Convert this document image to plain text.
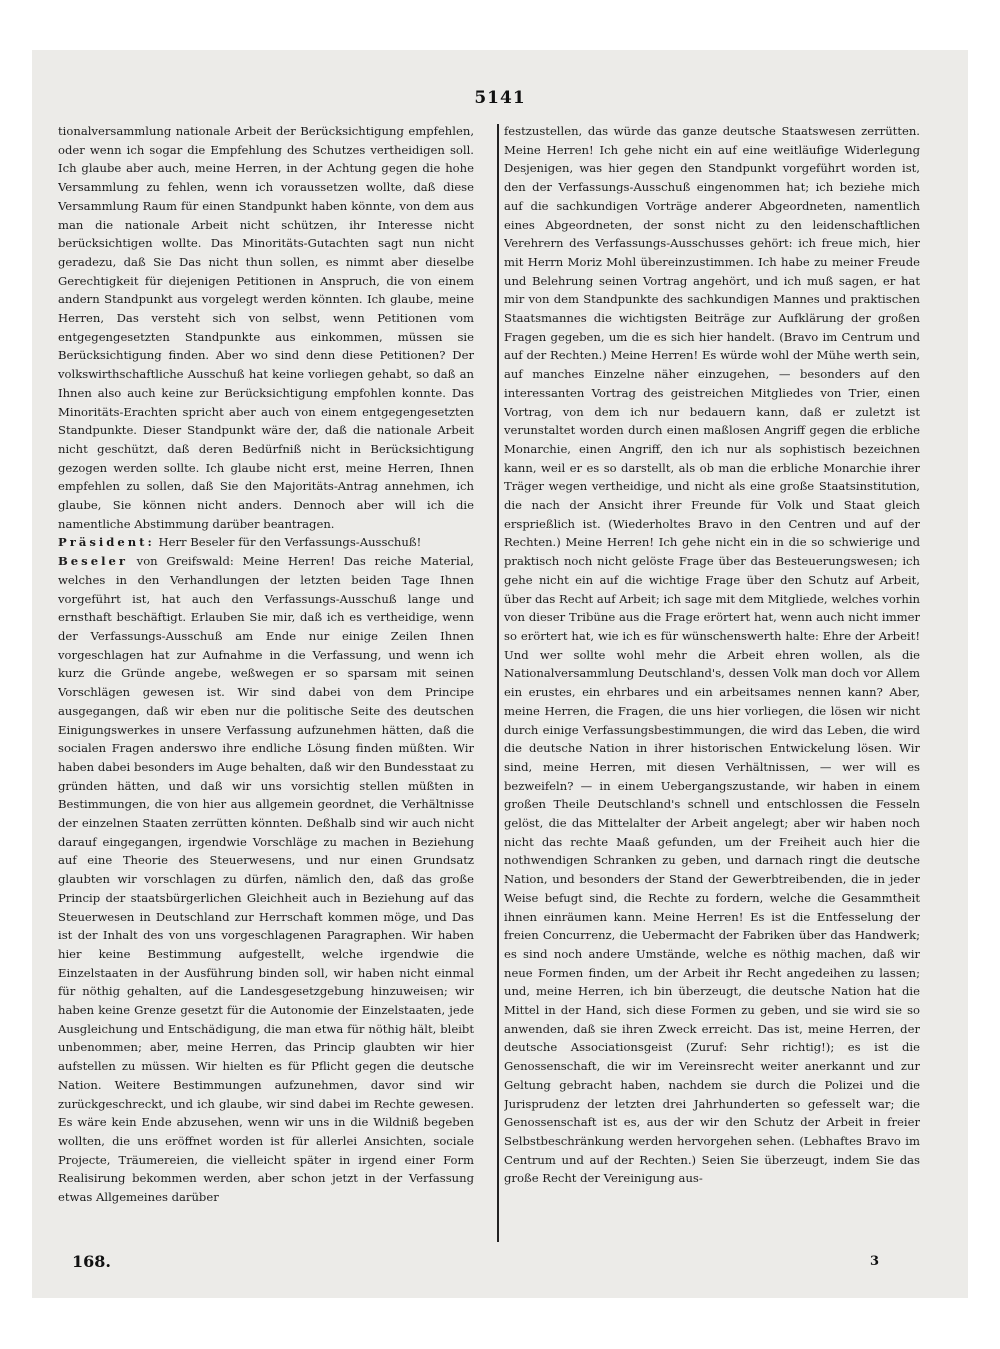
5141

tionalversammlung nationale Arbeit der Berücksichtigung empfehlen, oder wenn ich sogar die Empfehlung des Schutzes vertheidigen soll. Ich glaube aber auch, meine Herren, in der Achtung gegen die hohe Versammlung zu fehlen, wenn ich voraussetzen wollte, daß diese Versammlung Raum für einen Standpunkt haben könnte, von dem aus man die nationale Arbeit nicht schützen, ihr Interesse nicht berücksichtigen wollte. Das Minoritäts-Gutachten sagt nun nicht geradezu, daß Sie Das nicht thun sollen, es nimmt aber dieselbe Gerechtigkeit für diejenigen Petitionen in Anspruch, die von einem andern Standpunkt aus vorgelegt werden könnten. Ich glaube, meine Herren, Das versteht sich von selbst, wenn Petitionen vom entgegengesetzten Standpunkte aus einkommen, müssen sie Berücksichtigung finden. Aber wo sind denn diese Petitionen? Der volkswirthschaftliche Ausschuß hat keine vorliegen gehabt, so daß an Ihnen also auch keine zur Berücksichtigung empfohlen konnte. Das Minoritäts-Erachten spricht aber auch von einem entgegengesetzten Standpunkte. Dieser Standpunkt wäre der, daß die nationale Arbeit nicht geschützt, daß deren Bedürfniß nicht in Berücksichtigung gezogen werden sollte. Ich glaube nicht erst, meine Herren, Ihnen empfehlen zu sollen, daß Sie den Majoritäts-Antrag annehmen, ich glaube, Sie können nicht anders. Dennoch aber will ich die namentliche Abstimmung darüber beantragen.

Präsident: Herr Beseler für den Verfassungs-Ausschuß!

Beseler von Greifswald: Meine Herren! Das reiche Material, welches in den Verhandlungen der letzten beiden Tage Ihnen vorgeführt ist, hat auch den Verfassungs-Ausschuß lange und ernsthaft beschäftigt. Erlauben Sie mir, daß ich es vertheidige, wenn der Verfassungs-Ausschuß am Ende nur einige Zeilen Ihnen vorgeschlagen hat zur Aufnahme in die Verfassung, und wenn ich kurz die Gründe angebe, weßwegen er so sparsam mit seinen Vorschlägen gewesen ist. Wir sind dabei von dem Principe ausgegangen, daß wir eben nur die politische Seite des deutschen Einigungswerkes in unsere Verfassung aufzunehmen hätten, daß die socialen Fragen anderswo ihre endliche Lösung finden müßten. Wir haben dabei besonders im Auge behalten, daß wir den Bundesstaat zu gründen hätten, und daß wir uns vorsichtig stellen müßten in Bestimmungen, die von hier aus allgemein geordnet, die Verhältnisse der einzelnen Staaten zerrütten könnten. Deßhalb sind wir auch nicht darauf eingegangen, irgendwie Vorschläge zu machen in Beziehung auf eine Theorie des Steuerwesens, und nur einen Grundsatz glaubten wir vorschlagen zu dürfen, nämlich den, daß das große Princip der staatsbürgerlichen Gleichheit auch in Beziehung auf das Steuerwesen in Deutschland zur Herrschaft kommen möge, und Das ist der Inhalt des von uns vorgeschlagenen Paragraphen. Wir haben hier keine Bestimmung aufgestellt, welche irgendwie die Einzelstaaten in der Ausführung binden soll, wir haben nicht einmal für nöthig gehalten, auf die Landesgesetzgebung hinzuweisen; wir haben keine Grenze gesetzt für die Autonomie der Einzelstaaten, jede Ausgleichung und Entschädigung, die man etwa für nöthig hält, bleibt unbenommen; aber, meine Herren, das Princip glaubten wir hier aufstellen zu müssen. Wir hielten es für Pflicht gegen die deutsche Nation. Weitere Bestimmungen aufzunehmen, davor sind wir zurückgeschreckt, und ich glaube, wir sind dabei im Rechte gewesen. Es wäre kein Ende abzusehen, wenn wir uns in die Wildniß begeben wollten, die uns eröffnet worden ist für allerlei Ansichten, sociale Projecte, Träumereien, die vielleicht später in irgend einer Form Realisirung bekommen werden, aber schon jetzt in der Verfassung etwas Allgemeines darüber

festzustellen, das würde das ganze deutsche Staatswesen zerrütten. Meine Herren! Ich gehe nicht ein auf eine weitläufige Widerlegung Desjenigen, was hier gegen den Standpunkt vorgeführt worden ist, den der Verfassungs-Ausschuß eingenommen hat; ich beziehe mich auf die sachkundigen Vorträge anderer Abgeordneten, namentlich eines Abgeordneten, der sonst nicht zu den leidenschaftlichen Verehrern des Verfassungs-Ausschusses gehört: ich freue mich, hier mit Herrn Moriz Mohl übereinzustimmen. Ich habe zu meiner Freude und Belehrung seinen Vortrag angehört, und ich muß sagen, er hat mir von dem Standpunkte des sachkundigen Mannes und praktischen Staatsmannes die wichtigsten Beiträge zur Aufklärung der großen Fragen gegeben, um die es sich hier handelt. (Bravo im Centrum und auf der Rechten.) Meine Herren! Es würde wohl der Mühe werth sein, auf manches Einzelne näher einzugehen, — besonders auf den interessanten Vortrag des geistreichen Mitgliedes von Trier, einen Vortrag, von dem ich nur bedauern kann, daß er zuletzt ist verunstaltet worden durch einen maßlosen Angriff gegen die erbliche Monarchie, einen Angriff, den ich nur als sophistisch bezeichnen kann, weil er es so darstellt, als ob man die erbliche Monarchie ihrer Träger wegen vertheidige, und nicht als eine große Staatsinstitution, die nach der Ansicht ihrer Freunde für Volk und Staat gleich ersprießlich ist. (Wiederholtes Bravo in den Centren und auf der Rechten.) Meine Herren! Ich gehe nicht ein in die so schwierige und praktisch noch nicht gelöste Frage über das Besteuerungswesen; ich gehe nicht ein auf die wichtige Frage über den Schutz auf Arbeit, über das Recht auf Arbeit; ich sage mit dem Mitgliede, welches vorhin von dieser Tribüne aus die Frage erörtert hat, wenn auch nicht immer so erörtert hat, wie ich es für wünschenswerth halte: Ehre der Arbeit! Und wer sollte wohl mehr die Arbeit ehren wollen, als die Nationalversammlung Deutschland's, dessen Volk man doch vor Allem ein erustes, ein ehrbares und ein arbeitsames nennen kann? Aber, meine Herren, die Fragen, die uns hier vorliegen, die lösen wir nicht durch einige Verfassungsbestimmungen, die wird das Leben, die wird die deutsche Nation in ihrer historischen Entwickelung lösen. Wir sind, meine Herren, mit diesen Verhältnissen, — wer will es bezweifeln? — in einem Uebergangszustande, wir haben in einem großen Theile Deutschland's schnell und entschlossen die Fesseln gelöst, die das Mittelalter der Arbeit angelegt; aber wir haben noch nicht das rechte Maaß gefunden, um der Freiheit auch hier die nothwendigen Schranken zu geben, und darnach ringt die deutsche Nation, und besonders der Stand der Gewerbtreibenden, die in jeder Weise befugt sind, die Rechte zu fordern, welche die Gesammtheit ihnen einräumen kann. Meine Herren! Es ist die Entfesselung der freien Concurrenz, die Uebermacht der Fabriken über das Handwerk; es sind noch andere Umstände, welche es nöthig machen, daß wir neue Formen finden, um der Arbeit ihr Recht angedeihen zu lassen; und, meine Herren, ich bin überzeugt, die deutsche Nation hat die Mittel in der Hand, sich diese Formen zu geben, und sie wird sie so anwenden, daß sie ihren Zweck erreicht. Das ist, meine Herren, der deutsche Associationsgeist (Zuruf: Sehr richtig!); es ist die Genossenschaft, die wir im Vereinsrecht weiter anerkannt und zur Geltung gebracht haben, nachdem sie durch die Polizei und die Jurisprudenz der letzten drei Jahrhunderten so gefesselt war; die Genossenschaft ist es, aus der wir den Schutz der Arbeit in freier Selbstbeschränkung werden hervorgehen sehen. (Lebhaftes Bravo im Centrum und auf der Rechten.) Seien Sie überzeugt, indem Sie das große Recht der Vereinigung aus-

168.	3
